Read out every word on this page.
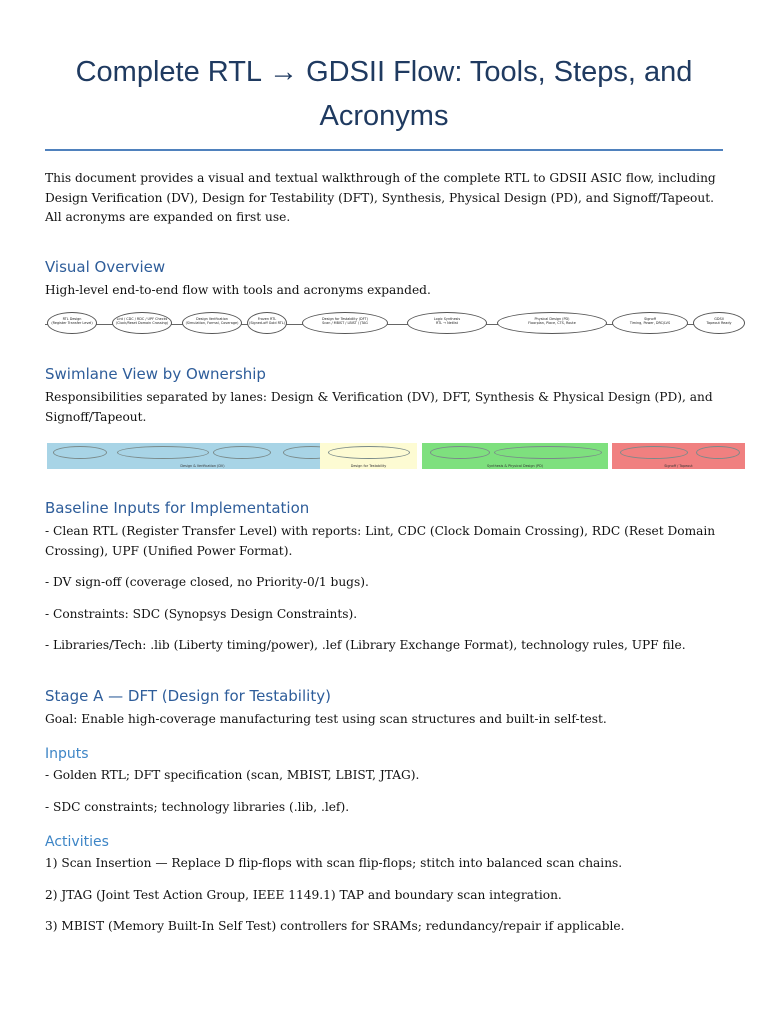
Complete RTL → GDSII Flow: Tools, Steps, and Acronyms

This document provides a visual and textual walkthrough of the complete RTL to GDSII ASIC flow, including Design Verification (DV), Design for Testability (DFT), Synthesis, Physical Design (PD), and Signoff/Tapeout. All acronyms are expanded on first use.

Visual Overview

High-level end-to-end flow with tools and acronyms expanded.

RTL Design
(Register Transfer Level)
Lint / CDC / RDC / UPF Checks
(Clock/Reset Domain Crossing)
Design Verification
(Simulation, Formal, Coverage)
Frozen RTL
(Signed-off Gold RTL)
Design for Testability (DFT)
Scan / MBIST / LBIST / JTAG
Logic Synthesis
RTL → Netlist
Physical Design (PD)
Floorplan, Place, CTS, Route
Signoff
Timing, Power, DRC/LVS
GDSII
Tapeout Ready
Swimlane View by Ownership

Responsibilities separated by lanes: Design & Verification (DV), DFT, Synthesis & Physical Design (PD), and Signoff/Tapeout.

Design & Verification (DV)	Design for Testability	Synthesis & Physical Design (PD)	Signoff / Tapeout
Baseline Inputs for Implementation

- Clean RTL (Register Transfer Level) with reports: Lint, CDC (Clock Domain Crossing), RDC (Reset Domain Crossing), UPF (Unified Power Format).

- DV sign-off (coverage closed, no Priority-0/1 bugs).

- Constraints: SDC (Synopsys Design Constraints).

- Libraries/Tech: .lib (Liberty timing/power), .lef (Library Exchange Format), technology rules, UPF file.

Stage A — DFT (Design for Testability)

Goal: Enable high-coverage manufacturing test using scan structures and built-in self-test.

Inputs

- Golden RTL; DFT specification (scan, MBIST, LBIST, JTAG).

- SDC constraints; technology libraries (.lib, .lef).

Activities

1) Scan Insertion — Replace D flip-flops with scan flip-flops; stitch into balanced scan chains.

2) JTAG (Joint Test Action Group, IEEE 1149.1) TAP and boundary scan integration.

3) MBIST (Memory Built-In Self Test) controllers for SRAMs; redundancy/repair if applicable.
